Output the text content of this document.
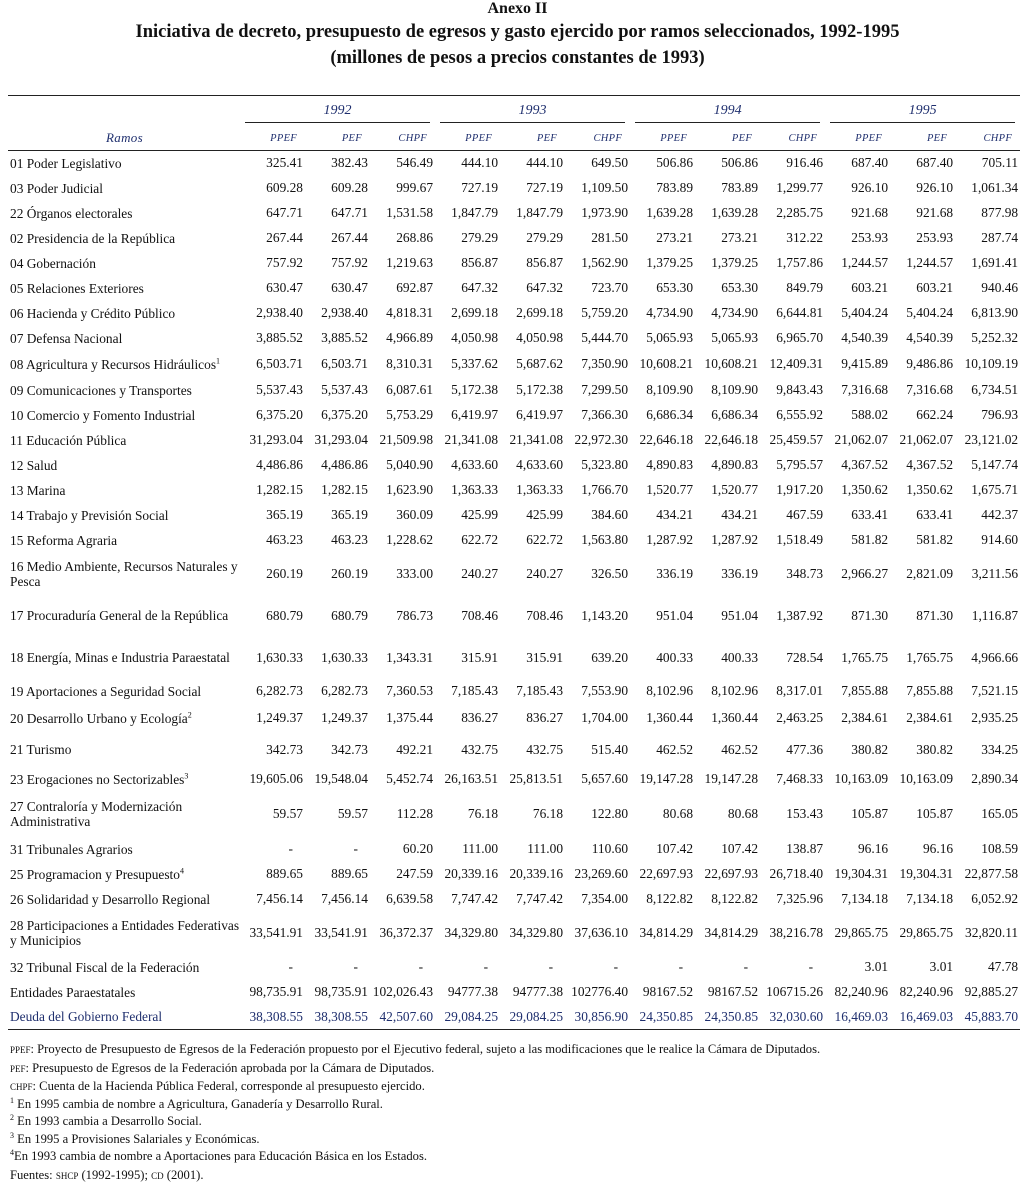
Anexo II
Iniciativa de decreto, presupuesto de egresos y gasto ejercido por ramos seleccionados, 1992-1995
(millones de pesos a precios constantes de 1993)

	1992			1993			1994			1995		

Ramos	PPEF	PEF	CHPF	PPEF	PEF	CHPF	PPEF	PEF	CHPF	PPEF	PEF	CHPF
01 Poder Legislativo	325.41	382.43	546.49	444.10	444.10	649.50	506.86	506.86	916.46	687.40	687.40	705.11
03 Poder Judicial	609.28	609.28	999.67	727.19	727.19	1,109.50	783.89	783.89	1,299.77	926.10	926.10	1,061.34
22 Órganos electorales	647.71	647.71	1,531.58	1,847.79	1,847.79	1,973.90	1,639.28	1,639.28	2,285.75	921.68	921.68	877.98
02 Presidencia de la República	267.44	267.44	268.86	279.29	279.29	281.50	273.21	273.21	312.22	253.93	253.93	287.74
04 Gobernación	757.92	757.92	1,219.63	856.87	856.87	1,562.90	1,379.25	1,379.25	1,757.86	1,244.57	1,244.57	1,691.41
05 Relaciones Exteriores	630.47	630.47	692.87	647.32	647.32	723.70	653.30	653.30	849.79	603.21	603.21	940.46
06 Hacienda y Crédito Público	2,938.40	2,938.40	4,818.31	2,699.18	2,699.18	5,759.20	4,734.90	4,734.90	6,644.81	5,404.24	5,404.24	6,813.90
07 Defensa Nacional	3,885.52	3,885.52	4,966.89	4,050.98	4,050.98	5,444.70	5,065.93	5,065.93	6,965.70	4,540.39	4,540.39	5,252.32
08 Agricultura y Recursos Hidráulicos$^1$	6,503.71	6,503.71	8,310.31	5,337.62	5,687.62	7,350.90	10,608.21	10,608.21	12,409.31	9,415.89	9,486.86	10,109.19
09 Comunicaciones y Transportes	5,537.43	5,537.43	6,087.61	5,172.38	5,172.38	7,299.50	8,109.90	8,109.90	9,843.43	7,316.68	7,316.68	6,734.51
10 Comercio y Fomento Industrial	6,375.20	6,375.20	5,753.29	6,419.97	6,419.97	7,366.30	6,686.34	6,686.34	6,555.92	588.02	662.24	796.93
11 Educación Pública	31,293.04	31,293.04	21,509.98	21,341.08	21,341.08	22,972.30	22,646.18	22,646.18	25,459.57	21,062.07	21,062.07	23,121.02
12 Salud	4,486.86	4,486.86	5,040.90	4,633.60	4,633.60	5,323.80	4,890.83	4,890.83	5,795.57	4,367.52	4,367.52	5,147.74
13 Marina	1,282.15	1,282.15	1,623.90	1,363.33	1,363.33	1,766.70	1,520.77	1,520.77	1,917.20	1,350.62	1,350.62	1,675.71
14 Trabajo y Previsión Social	365.19	365.19	360.09	425.99	425.99	384.60	434.21	434.21	467.59	633.41	633.41	442.37
15 Reforma Agraria	463.23	463.23	1,228.62	622.72	622.72	1,563.80	1,287.92	1,287.92	1,518.49	581.82	581.82	914.60
16 Medio Ambiente, Recursos Naturales y Pesca	260.19	260.19	333.00	240.27	240.27	326.50	336.19	336.19	348.73	2,966.27	2,821.09	3,211.56
17 Procuraduría General de la República	680.79	680.79	786.73	708.46	708.46	1,143.20	951.04	951.04	1,387.92	871.30	871.30	1,116.87
18 Energía, Minas e Industria Paraestatal	1,630.33	1,630.33	1,343.31	315.91	315.91	639.20	400.33	400.33	728.54	1,765.75	1,765.75	4,966.66
19 Aportaciones a Seguridad Social	6,282.73	6,282.73	7,360.53	7,185.43	7,185.43	7,553.90	8,102.96	8,102.96	8,317.01	7,855.88	7,855.88	7,521.15
20 Desarrollo Urbano y Ecología$^2$	1,249.37	1,249.37	1,375.44	836.27	836.27	1,704.00	1,360.44	1,360.44	2,463.25	2,384.61	2,384.61	2,935.25
21 Turismo	342.73	342.73	492.21	432.75	432.75	515.40	462.52	462.52	477.36	380.82	380.82	334.25
23 Erogaciones no Sectorizables$^3$	19,605.06	19,548.04	5,452.74	26,163.51	25,813.51	5,657.60	19,147.28	19,147.28	7,468.33	10,163.09	10,163.09	2,890.34
27 Contraloría y Modernización Administrativa	59.57	59.57	112.28	76.18	76.18	122.80	80.68	80.68	153.43	105.87	105.87	165.05
31 Tribunales Agrarios	-	-	60.20	111.00	111.00	110.60	107.42	107.42	138.87	96.16	96.16	108.59
25 Programacion y Presupuesto$^4$	889.65	889.65	247.59	20,339.16	20,339.16	23,269.60	22,697.93	22,697.93	26,718.40	19,304.31	19,304.31	22,877.58
26 Solidaridad y Desarrollo Regional	7,456.14	7,456.14	6,639.58	7,747.42	7,747.42	7,354.00	8,122.82	8,122.82	7,325.96	7,134.18	7,134.18	6,052.92
28 Participaciones a Entidades Federativas y Municipios	33,541.91	33,541.91	36,372.37	34,329.80	34,329.80	37,636.10	34,814.29	34,814.29	38,216.78	29,865.75	29,865.75	32,820.11
32 Tribunal Fiscal de la Federación	-	-	-	-	-	-	-	-	-	3.01	3.01	47.78
Entidades Paraestatales	98,735.91	98,735.91	102,026.43	94777.38	94777.38	102776.40	98167.52	98167.52	106715.26	82,240.96	82,240.96	92,885.27
Deuda del Gobierno Federal	38,308.55	38,308.55	42,507.60	29,084.25	29,084.25	30,856.90	24,350.85	24,350.85	32,030.60	16,469.03	16,469.03	45,883.70
ppef: Proyecto de Presupuesto de Egresos de la Federación propuesto por el Ejecutivo federal, sujeto a las modificaciones que le realice la Cámara de Diputados.
pef: Presupuesto de Egresos de la Federación aprobada por la Cámara de Diputados.
chpf: Cuenta de la Hacienda Pública Federal, corresponde al presupuesto ejercido.
$^1$ En 1995 cambia de nombre a Agricultura, Ganadería y Desarrollo Rural.
$^2$ En 1993 cambia a Desarrollo Social.
$^3$ En 1995 a Provisiones Salariales y Económicas.
$^4$En 1993 cambia de nombre a Aportaciones para Educación Básica en los Estados.
Fuentes: shcp (1992-1995); cd (2001).
